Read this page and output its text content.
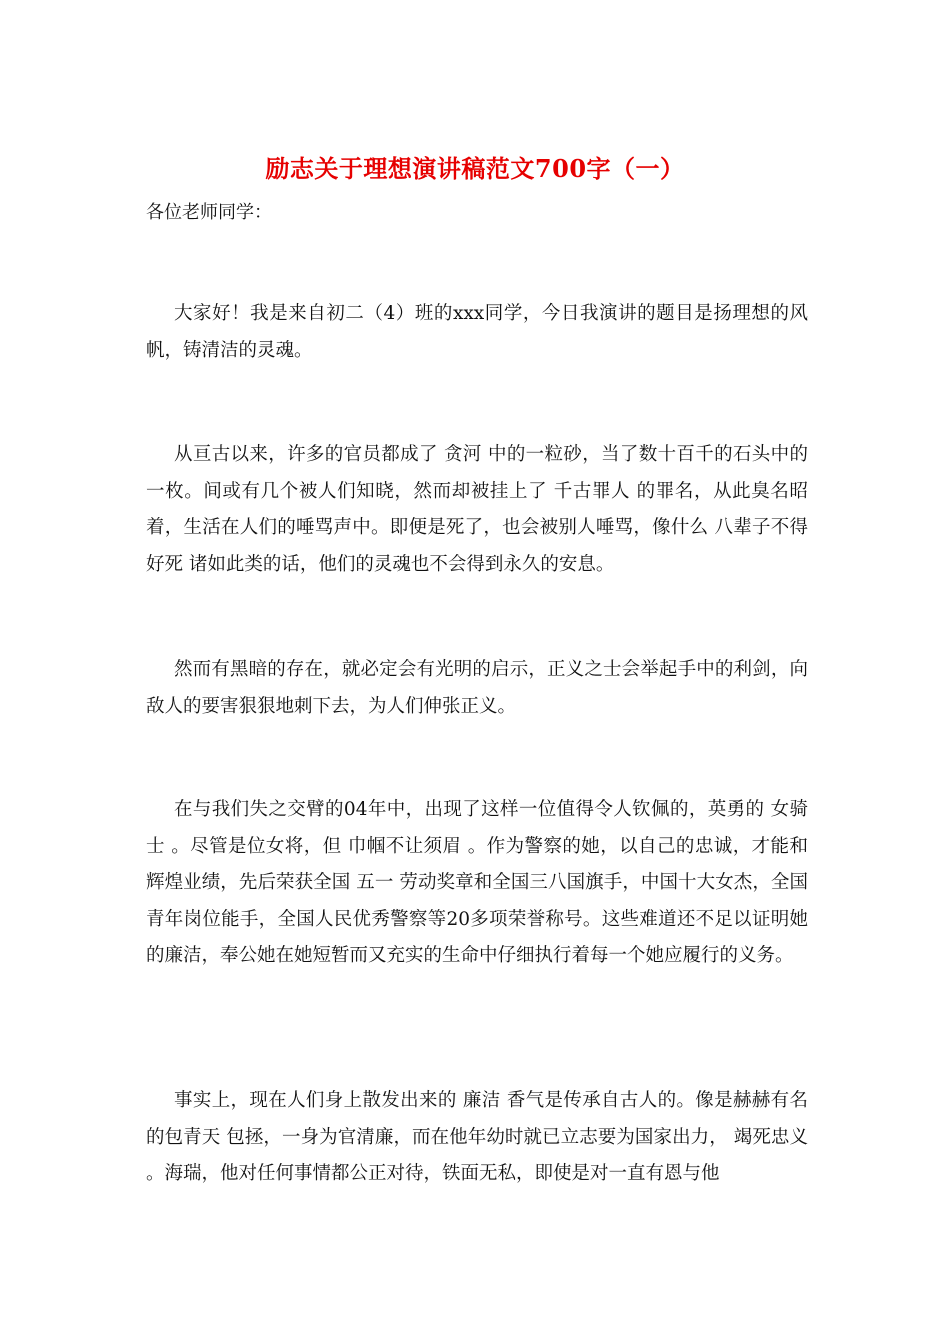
励志关于理想演讲稿范文700字（一）
各位老师同学：

大家好！我是来自初二（4）班的xxx同学，今日我演讲的题目是扬理想的风帆，铸清洁的灵魂。

从亘古以来，许多的官员都成了 贪河 中的一粒砂，当了数十百千的石头中的一枚。间或有几个被人们知晓，然而却被挂上了 千古罪人 的罪名，从此臭名昭着，生活在人们的唾骂声中。即便是死了，也会被别人唾骂，像什么 八辈子不得好死 诸如此类的话，他们的灵魂也不会得到永久的安息。

然而有黑暗的存在，就必定会有光明的启示，正义之士会举起手中的利剑，向敌人的要害狠狠地刺下去，为人们伸张正义。

在与我们失之交臂的04年中，出现了这样一位值得令人钦佩的，英勇的 女骑士 。尽管是位女将，但 巾帼不让须眉 。作为警察的她，以自己的忠诚，才能和辉煌业绩，先后荣获全国 五一 劳动奖章和全国三八国旗手，中国十大女杰，全国青年岗位能手，全国人民优秀警察等20多项荣誉称号。这些难道还不足以证明她的廉洁，奉公她在她短暂而又充实的生命中仔细执行着每一个她应履行的义务。

事实上，现在人们身上散发出来的 廉洁 香气是传承自古人的。像是赫赫有名的包青天 包拯，一身为官清廉，而在他年幼时就已立志要为国家出力， 竭死忠义 。海瑞，他对任何事情都公正对待，铁面无私，即使是对一直有恩与他
